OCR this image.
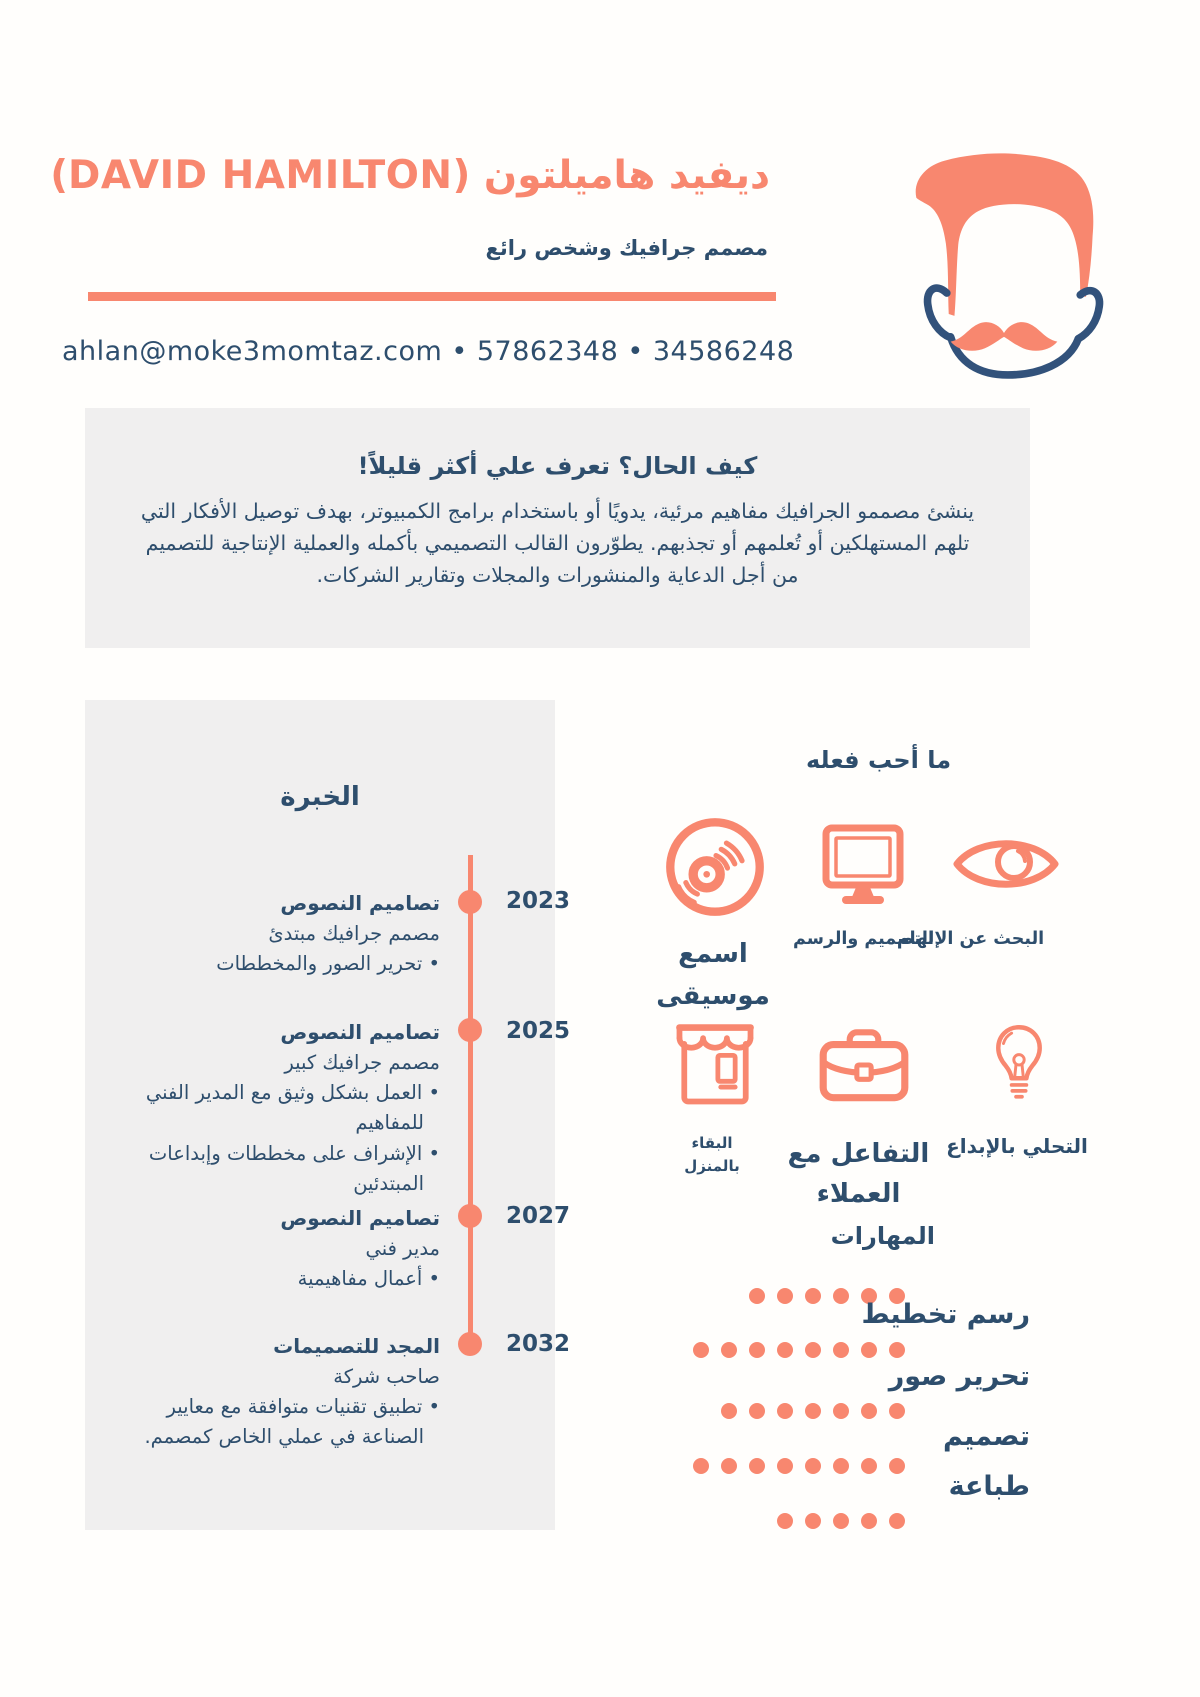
ديفيد هاميلتون (DAVID HAMILTON)
مصمم جرافيك وشخص رائع
ahlan@moke3momtaz.com • 57862348 • 34586248
كيف الحال؟ تعرف علي أكثر قليلاً!
ينشئ مصممو الجرافيك مفاهيم مرئية، يدويًا أو باستخدام برامج الكمبيوتر، بهدف توصيل الأفكار التي تلهم المستهلكين أو تُعلمهم أو تجذبهم. يطوّرون القالب التصميمي بأكمله والعملية الإنتاجية للتصميم من أجل الدعاية والمنشورات والمجلات وتقارير الشركات.
الخبرة
2023
2025
2027
2032
تصاميم النصوص
مصمم جرافيك مبتدئ
• تحرير الصور والمخططات
تصاميم النصوص
مصمم جرافيك كبير
• العمل بشكل وثيق مع المدير الفني للمفاهيم
• الإشراف على مخططات وإبداعات المبتدئين
تصاميم النصوص
مدير فني
• أعمال مفاهيمية
المجد للتصميمات
صاحب شركة
• تطبيق تقنيات متوافقة مع معايير الصناعة في عملي الخاص كمصمم.
ما أحب فعله
اسمع موسيقى
التصميم والرسم
البحث عن الإلهام
البقاء بالمنزل	التفاعل مع العملاء
التحلي بالإبداع
المهارات
رسم تخطيط
تحرير صور
تصميم
طباعة
